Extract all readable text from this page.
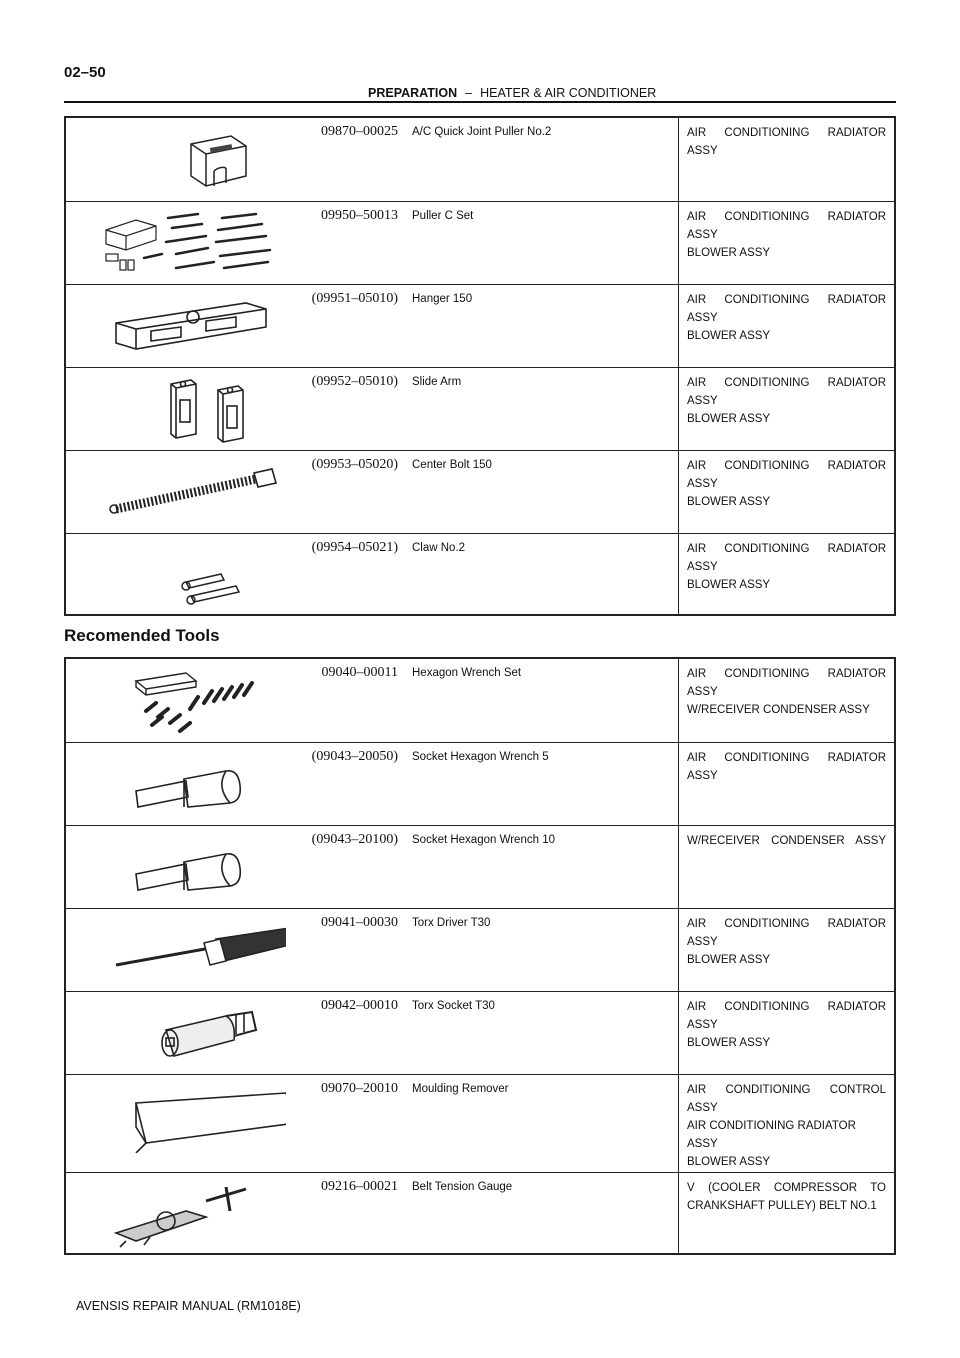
02–50
PREPARATION – HEATER & AIR CONDITIONER
	09870–00025	A/C Quick Joint Puller No.2	AIR CONDITIONING RADIATOR
ASSY

	09950–50013	Puller C Set	AIR CONDITIONING RADIATOR
ASSY
BLOWER ASSY

	(09951–05010)	Hanger 150	AIR CONDITIONING RADIATOR
ASSY
BLOWER ASSY

	(09952–05010)	Slide Arm	AIR CONDITIONING RADIATOR
ASSY
BLOWER ASSY

	(09953–05020)	Center Bolt 150	AIR CONDITIONING RADIATOR
ASSY
BLOWER ASSY

	(09954–05021)	Claw No.2	AIR CONDITIONING RADIATOR
ASSY
BLOWER ASSY
Recomended Tools
	09040–00011	Hexagon Wrench Set	AIR CONDITIONING RADIATOR
ASSY
W/RECEIVER CONDENSER ASSY

	(09043–20050)	Socket Hexagon Wrench 5	AIR CONDITIONING RADIATOR
ASSY

	(09043–20100)	Socket Hexagon Wrench 10	W/RECEIVER CONDENSER ASSY

	09041–00030	Torx Driver T30	AIR CONDITIONING RADIATOR
ASSY
BLOWER ASSY

	09042–00010	Torx Socket T30	AIR CONDITIONING RADIATOR
ASSY
BLOWER ASSY

	09070–20010	Moulding Remover	AIR CONDITIONING CONTROL
ASSY
AIR CONDITIONING RADIATOR
ASSY
BLOWER ASSY

	09216–00021	Belt Tension Gauge	V (COOLER COMPRESSOR TO
CRANKSHAFT PULLEY) BELT NO.1
AVENSIS REPAIR MANUAL (RM1018E)
